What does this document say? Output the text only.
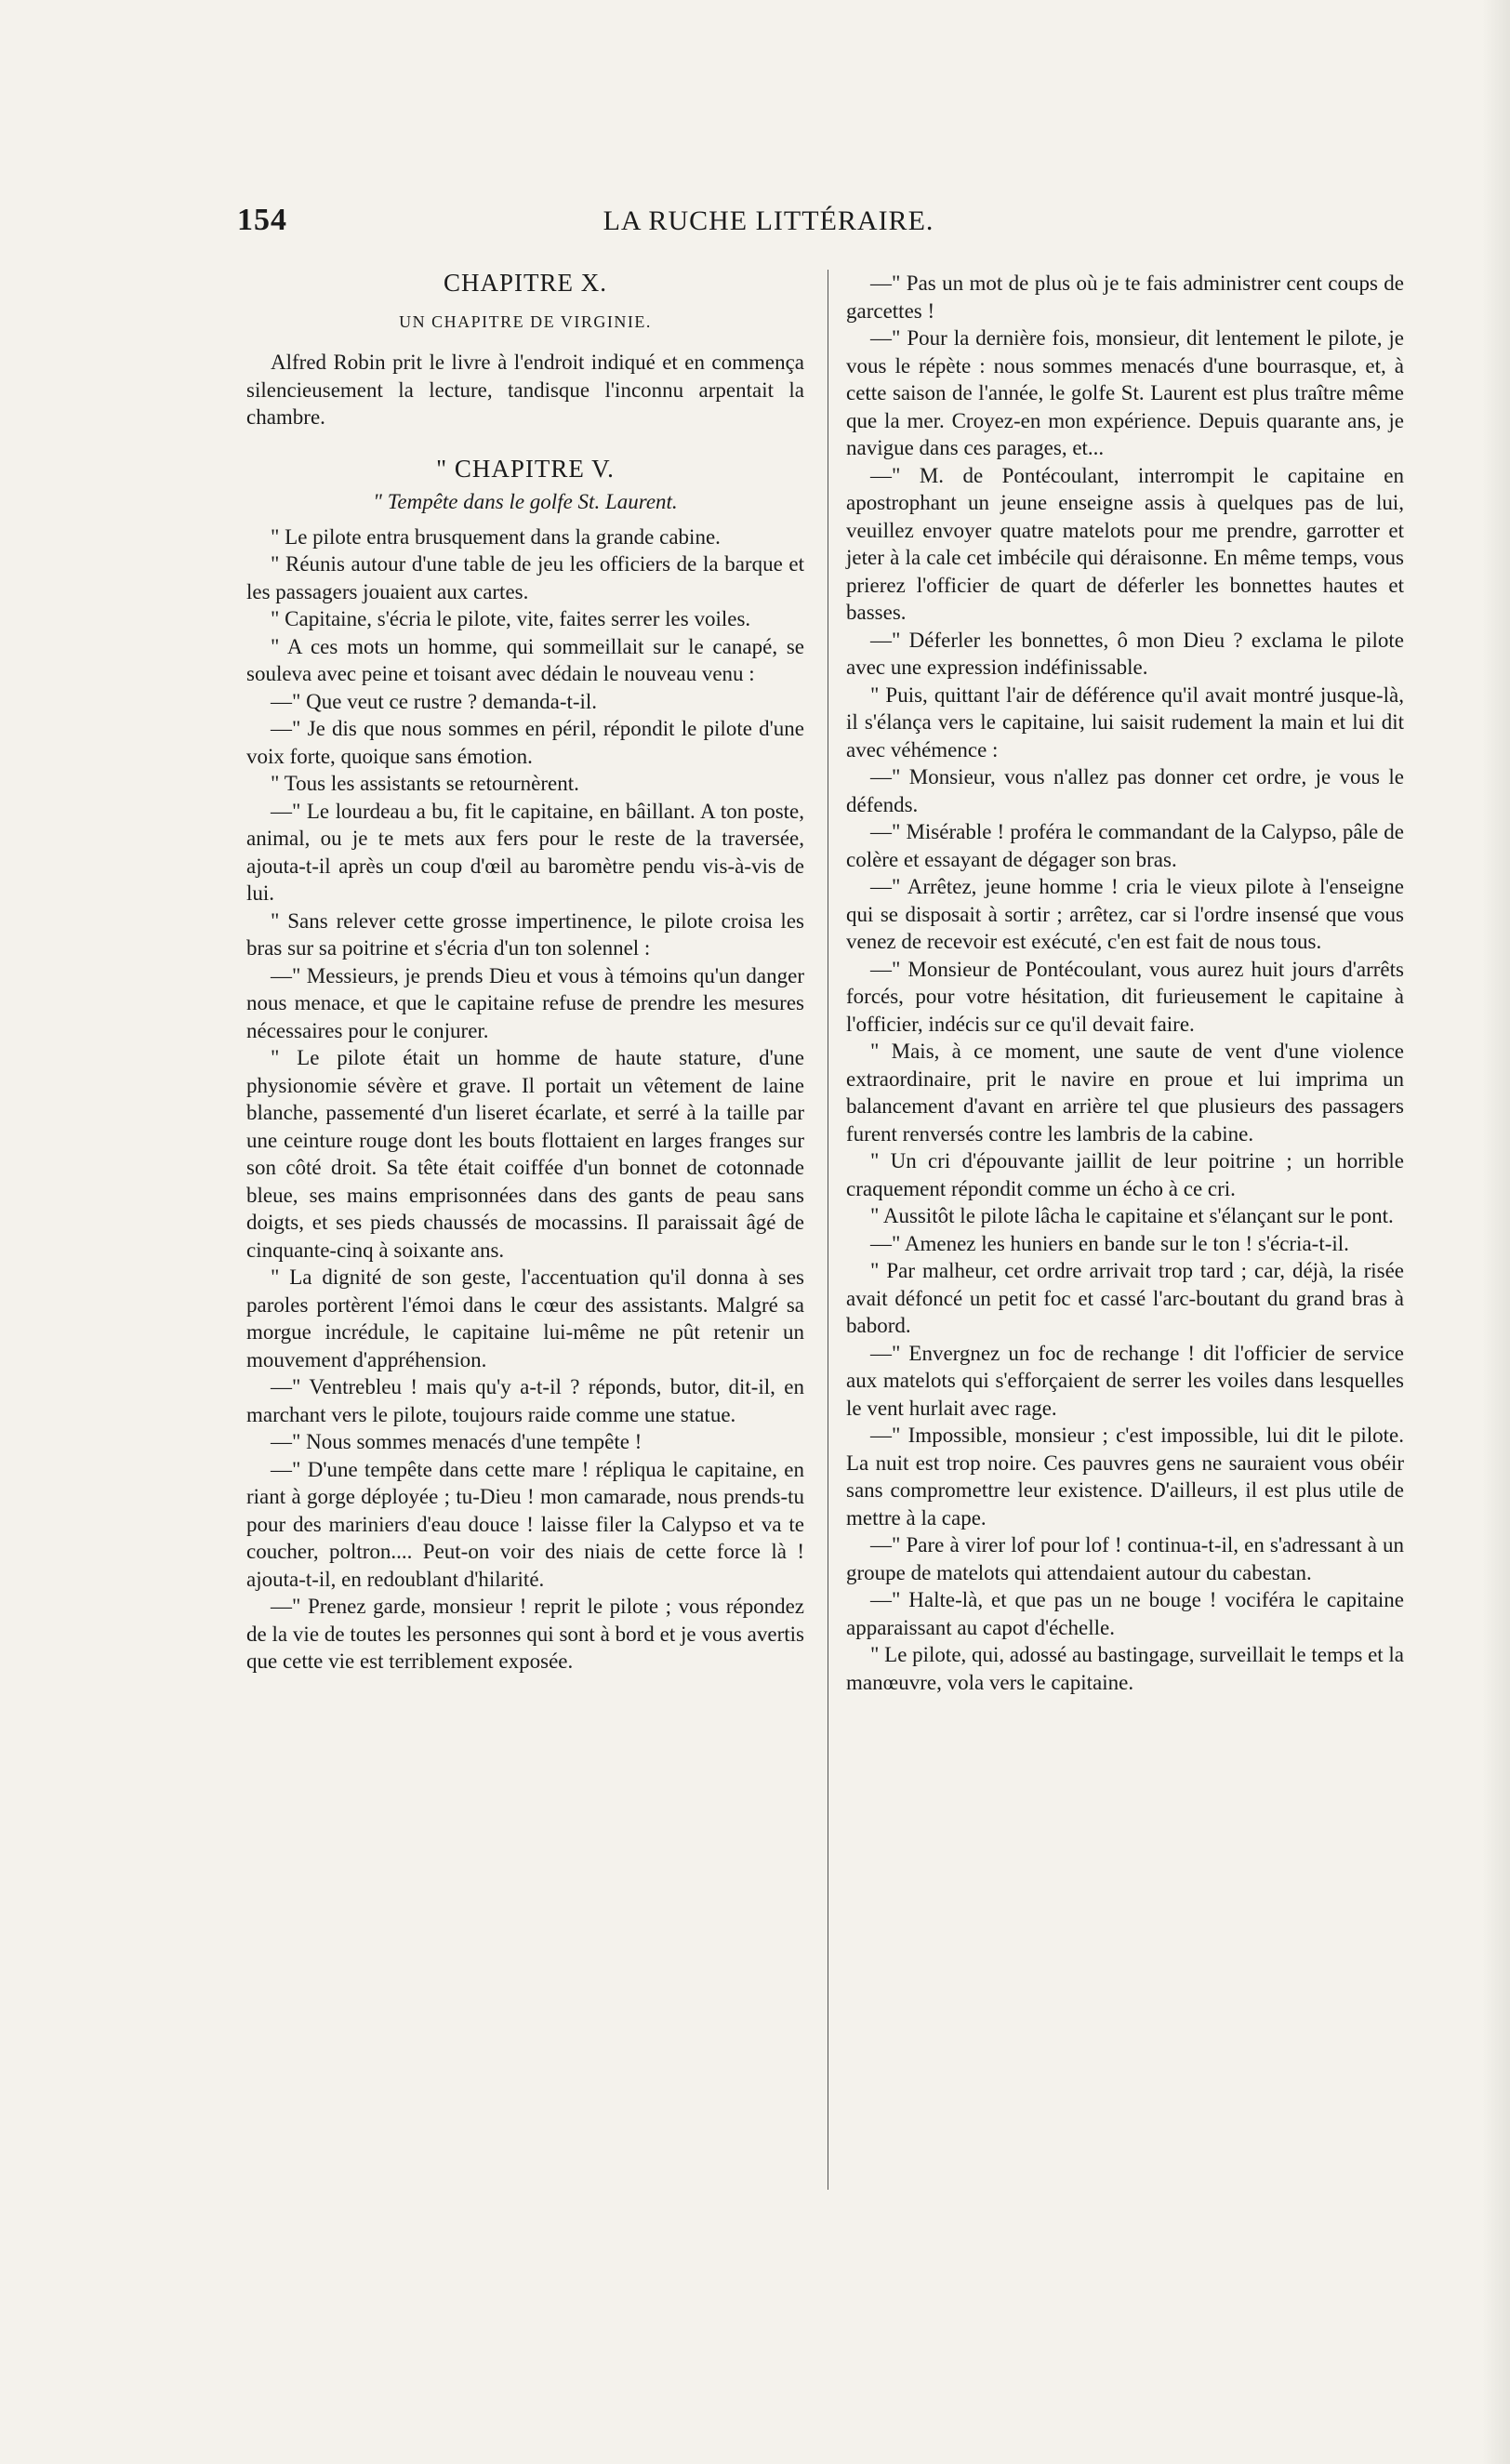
154	LA RUCHE LITTÉRAIRE.

CHAPITRE X.

UN CHAPITRE DE VIRGINIE.

Alfred Robin prit le livre à l'endroit indiqué et en commença silencieusement la lecture, tandisque l'inconnu arpentait la chambre.

" CHAPITRE V.

" Tempête dans le golfe St. Laurent.

" Le pilote entra brusquement dans la grande cabine.

" Réunis autour d'une table de jeu les officiers de la barque et les passagers jouaient aux cartes.

" Capitaine, s'écria le pilote, vite, faites serrer les voiles.

" A ces mots un homme, qui sommeillait sur le canapé, se souleva avec peine et toisant avec dédain le nouveau venu :

—" Que veut ce rustre ? demanda-t-il.

—" Je dis que nous sommes en péril, répondit le pilote d'une voix forte, quoique sans émotion.

" Tous les assistants se retournèrent.

—" Le lourdeau a bu, fit le capitaine, en bâillant. A ton poste, animal, ou je te mets aux fers pour le reste de la traversée, ajouta-t-il après un coup d'œil au baromètre pendu vis-à-vis de lui.

" Sans relever cette grosse impertinence, le pilote croisa les bras sur sa poitrine et s'écria d'un ton solennel :

—" Messieurs, je prends Dieu et vous à témoins qu'un danger nous menace, et que le capitaine refuse de prendre les mesures nécessaires pour le conjurer.

" Le pilote était un homme de haute stature, d'une physionomie sévère et grave. Il portait un vêtement de laine blanche, passementé d'un liseret écarlate, et serré à la taille par une ceinture rouge dont les bouts flottaient en larges franges sur son côté droit. Sa tête était coiffée d'un bonnet de cotonnade bleue, ses mains emprisonnées dans des gants de peau sans doigts, et ses pieds chaussés de mocassins. Il paraissait âgé de cinquante-cinq à soixante ans.

" La dignité de son geste, l'accentuation qu'il donna à ses paroles portèrent l'émoi dans le cœur des assistants. Malgré sa morgue incrédule, le capitaine lui-même ne pût retenir un mouvement d'appréhension.

—" Ventrebleu ! mais qu'y a-t-il ? réponds, butor, dit-il, en marchant vers le pilote, toujours raide comme une statue.

—" Nous sommes menacés d'une tempête !

—" D'une tempête dans cette mare ! répliqua le capitaine, en riant à gorge déployée ; tu-Dieu ! mon camarade, nous prends-tu pour des mariniers d'eau douce ! laisse filer la Calypso et va te coucher, poltron.... Peut-on voir des niais de cette force là ! ajouta-t-il, en redoublant d'hilarité.

—" Prenez garde, monsieur ! reprit le pilote ; vous répondez de la vie de toutes les personnes qui sont à bord et je vous avertis que cette vie est terriblement exposée.

—" Pas un mot de plus où je te fais administrer cent coups de garcettes !

—" Pour la dernière fois, monsieur, dit lentement le pilote, je vous le répète : nous sommes menacés d'une bourrasque, et, à cette saison de l'année, le golfe St. Laurent est plus traître même que la mer. Croyez-en mon expérience. Depuis quarante ans, je navigue dans ces parages, et...

—" M. de Pontécoulant, interrompit le capitaine en apostrophant un jeune enseigne assis à quelques pas de lui, veuillez envoyer quatre matelots pour me prendre, garrotter et jeter à la cale cet imbécile qui déraisonne. En même temps, vous prierez l'officier de quart de déferler les bonnettes hautes et basses.

—" Déferler les bonnettes, ô mon Dieu ? exclama le pilote avec une expression indéfinissable.

" Puis, quittant l'air de déférence qu'il avait montré jusque-là, il s'élança vers le capitaine, lui saisit rudement la main et lui dit avec véhémence :

—" Monsieur, vous n'allez pas donner cet ordre, je vous le défends.

—" Misérable ! proféra le commandant de la Calypso, pâle de colère et essayant de dégager son bras.

—" Arrêtez, jeune homme ! cria le vieux pilote à l'enseigne qui se disposait à sortir ; arrêtez, car si l'ordre insensé que vous venez de recevoir est exécuté, c'en est fait de nous tous.

—" Monsieur de Pontécoulant, vous aurez huit jours d'arrêts forcés, pour votre hésitation, dit furieusement le capitaine à l'officier, indécis sur ce qu'il devait faire.

" Mais, à ce moment, une saute de vent d'une violence extraordinaire, prit le navire en proue et lui imprima un balancement d'avant en arrière tel que plusieurs des passagers furent renversés contre les lambris de la cabine.

" Un cri d'épouvante jaillit de leur poitrine ; un horrible craquement répondit comme un écho à ce cri.

" Aussitôt le pilote lâcha le capitaine et s'élançant sur le pont.

—" Amenez les huniers en bande sur le ton ! s'écria-t-il.

" Par malheur, cet ordre arrivait trop tard ; car, déjà, la risée avait défoncé un petit foc et cassé l'arc-boutant du grand bras à babord.

—" Envergnez un foc de rechange ! dit l'officier de service aux matelots qui s'efforçaient de serrer les voiles dans lesquelles le vent hurlait avec rage.

—" Impossible, monsieur ; c'est impossible, lui dit le pilote. La nuit est trop noire. Ces pauvres gens ne sauraient vous obéir sans compromettre leur existence. D'ailleurs, il est plus utile de mettre à la cape.

—" Pare à virer lof pour lof ! continua-t-il, en s'adressant à un groupe de matelots qui attendaient autour du cabestan.

—" Halte-là, et que pas un ne bouge ! vociféra le capitaine apparaissant au capot d'échelle.

" Le pilote, qui, adossé au bastingage, surveillait le temps et la manœuvre, vola vers le capitaine.
